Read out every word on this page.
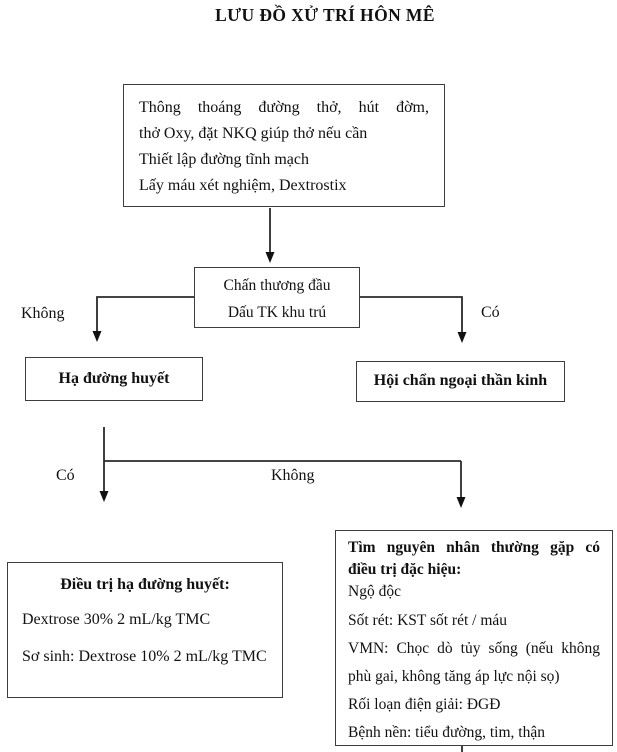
LƯU ĐỒ XỬ TRÍ HÔN MÊ
Thông thoáng đường thở, hút đờm,
thở Oxy, đặt NKQ giúp thở nếu cần
Thiết lập đường tĩnh mạch
Lấy máu xét nghiệm, Dextrostix
Chấn thương đầu
Dấu TK khu trú
Không	Có
Hạ đường huyết	Hội chẩn ngoại thần kinh
Có	Không
Điều trị hạ đường huyết:
Dextrose 30% 2 mL/kg TMC
Sơ sinh: Dextrose 10% 2 mL/kg TMC
Tìm nguyên nhân thường gặp có
điều trị đặc hiệu:
Ngộ độc
Sốt rét: KST sốt rét / máu
VMN: Chọc dò tủy sống (nếu không
phù gai, không tăng áp lực nội sọ)
Rối loạn điện giải: ĐGĐ
Bệnh nền: tiểu đường, tim, thận
